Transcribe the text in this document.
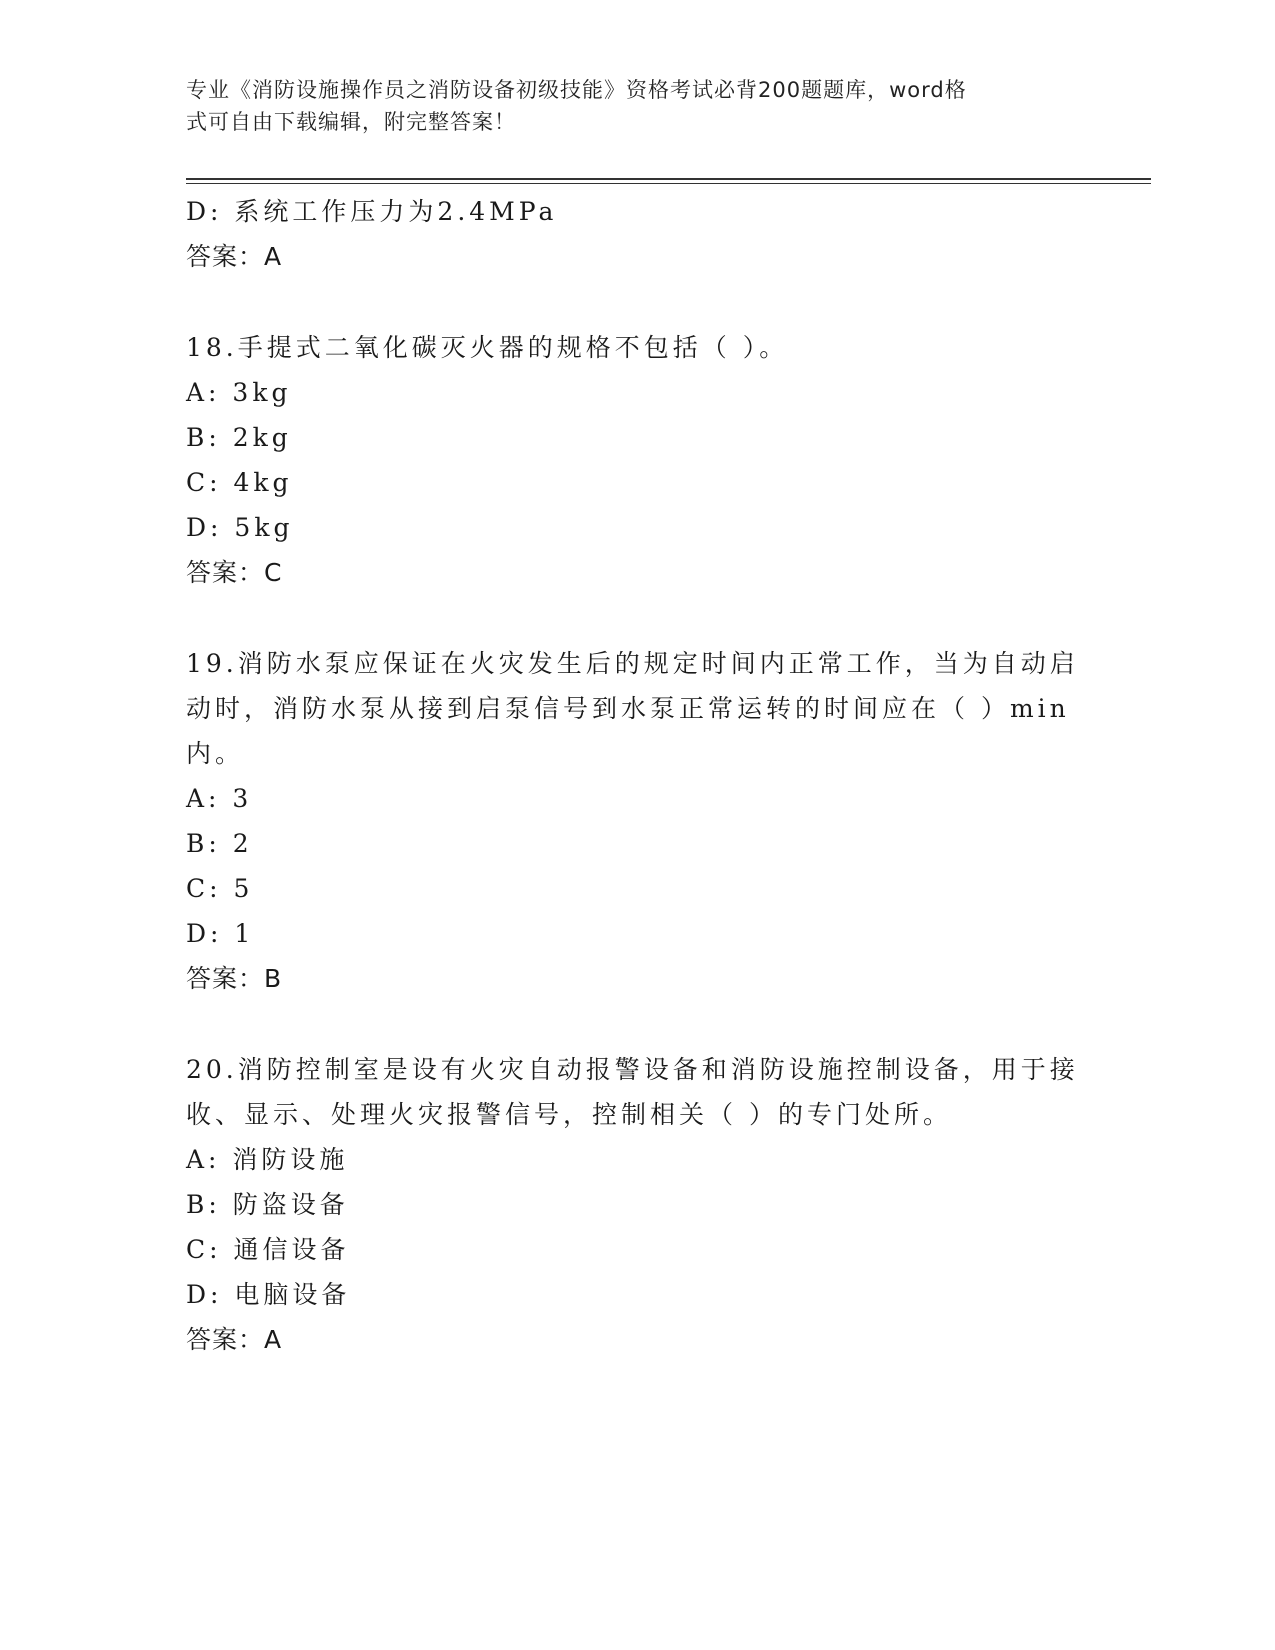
专业《消防设施操作员之消防设备初级技能》资格考试必背200题题库，word格
式可自由下载编辑，附完整答案！
D: 系统工作压力为2.4MPa
答案：A
18.手提式二氧化碳灭火器的规格不包括（ ）。
A: 3kg
B: 2kg
C: 4kg
D: 5kg
答案：C
19.消防水泵应保证在火灾发生后的规定时间内正常工作，当为自动启
动时，消防水泵从接到启泵信号到水泵正常运转的时间应在（ ）min
内。
A: 3
B: 2
C: 5
D: 1
答案：B
20.消防控制室是设有火灾自动报警设备和消防设施控制设备，用于接
收、显示、处理火灾报警信号，控制相关（ ）的专门处所。
A: 消防设施
B: 防盗设备
C: 通信设备
D: 电脑设备
答案：A
